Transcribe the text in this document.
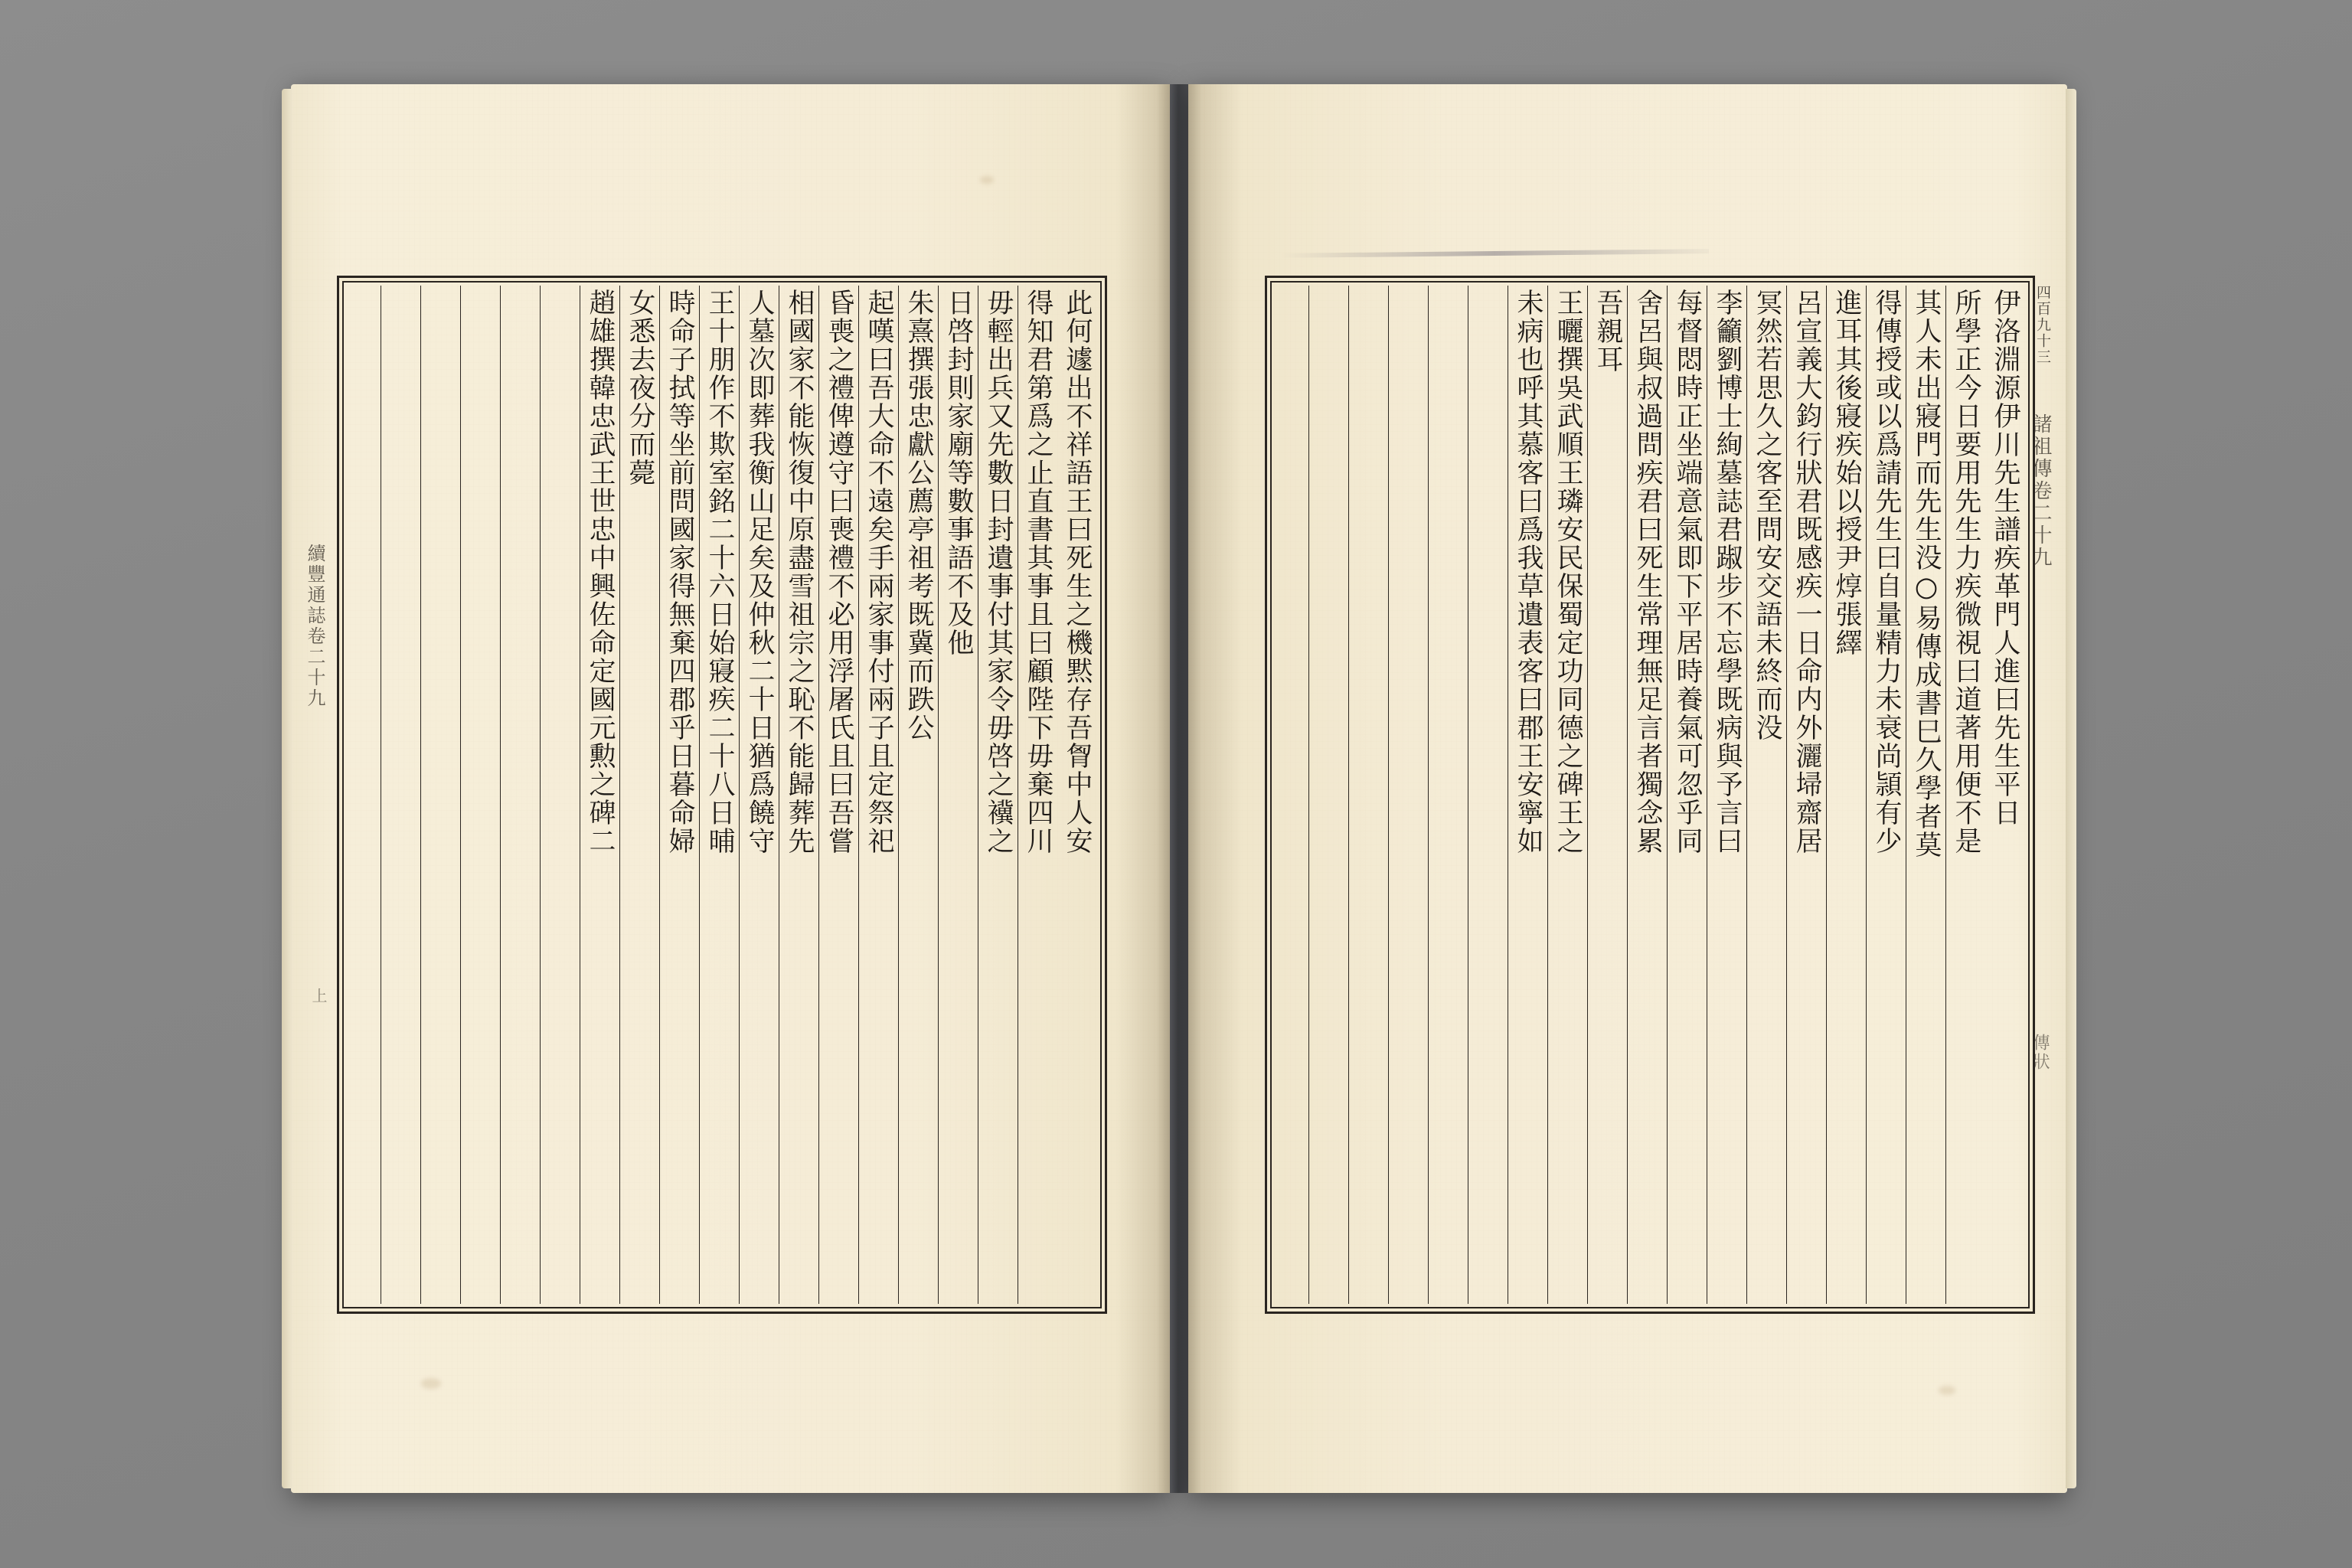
續豐通誌卷二十九
上
此何遽出不祥語王曰死生之機黙存吾胷中人安
得知君第爲之止直書其事且曰顧陛下毋棄四川
毋輕出兵又先數日封遺事付其家令毋啓之䙫之
日啓封則家廟等數事語不及他
朱熹撰張忠獻公薦亭祖考既冀而跌公
起嘆曰吾大命不遠矣手兩家事付兩子且定祭祀
昏喪之禮俾遵守曰喪禮不必用浮屠氏且曰吾嘗
相國家不能恢復中原盡雪祖宗之恥不能歸葬先
人墓次即葬我衡山足矣及仲秋二十日猶爲饒守
王十朋作不欺室銘二十六日始寢疾二十八日晡
時命子拭等坐前問國家得無棄四郡乎日暮命婦
女悉去夜分而薨
趙雄撰韓忠武王世忠中興佐命定國元勲之碑二	諸祖傳卷二十九
傳狀
四百九十三
伊洛淵源伊川先生譜疾革門人進曰先生平日
所學正今日要用先生力疾微視曰道著用便不是
其人未出寢門而先生没○易傳成書巳久學者莫
得傳授或以爲請先生曰自量精力未衰尚頴有少
進耳其後寢疾始以授尹焞張繹
呂宣義大鈞行狀君既感疾一日命内外灑埽齋居
冥然若思久之客至問安交語未終而没
李籲劉博士絢墓誌君踧步不忘學既病與予言曰
每督悶時正坐端意氣即下平居時養氣可忽乎同
舍呂與叔過問疾君曰死生常理無足言者獨念累
吾親耳
王曬撰吳武順王璘安民保蜀定功同德之碑王之
未病也呼其慕客曰爲我草遺表客曰郡王安寧如
